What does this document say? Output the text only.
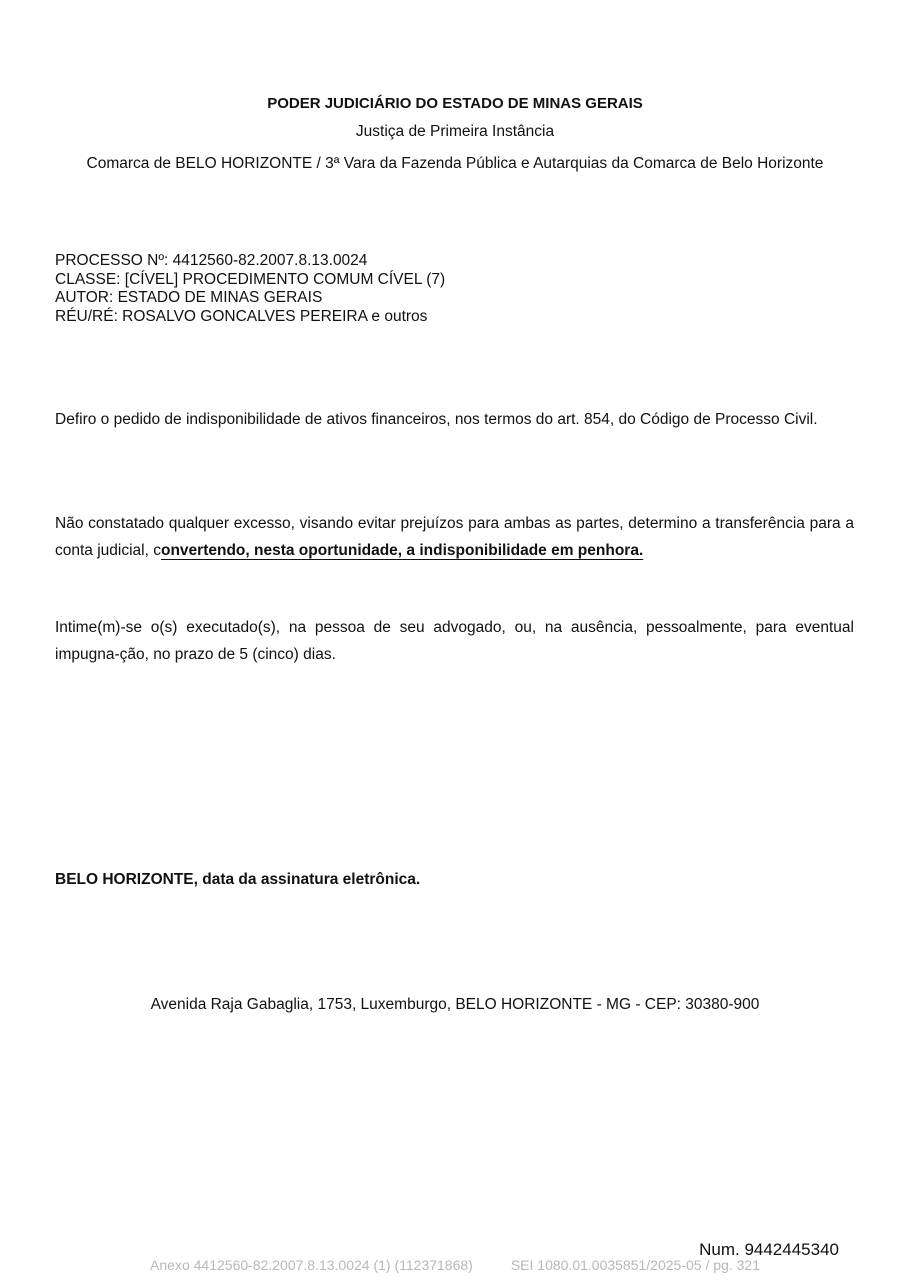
PODER JUDICIÁRIO DO ESTADO DE MINAS GERAIS
Justiça de Primeira Instância
Comarca de BELO HORIZONTE / 3ª Vara da Fazenda Pública e Autarquias da Comarca de Belo Horizonte
PROCESSO Nº: 4412560-82.2007.8.13.0024
CLASSE: [CÍVEL] PROCEDIMENTO COMUM CÍVEL (7)
AUTOR: ESTADO DE MINAS GERAIS
RÉU/RÉ: ROSALVO GONCALVES PEREIRA e outros
Defiro o pedido de indisponibilidade de ativos financeiros, nos termos do art. 854, do Código de Processo Civil.
Não constatado qualquer excesso, visando evitar prejuízos para ambas as partes, determino a transferência para a conta judicial, convertendo, nesta oportunidade, a indisponibilidade em penhora.
Intime(m)-se o(s) executado(s), na pessoa de seu advogado, ou, na ausência, pessoalmente, para eventual impugna-ção, no prazo de 5 (cinco) dias.
BELO HORIZONTE, data da assinatura eletrônica.
Avenida Raja Gabaglia, 1753, Luxemburgo, BELO HORIZONTE - MG - CEP: 30380-900
Num. 9442445340
Anexo 4412560-82.2007.8.13.0024 (1) (112371868)	SEI 1080.01.0035851/2025-05 / pg. 321
